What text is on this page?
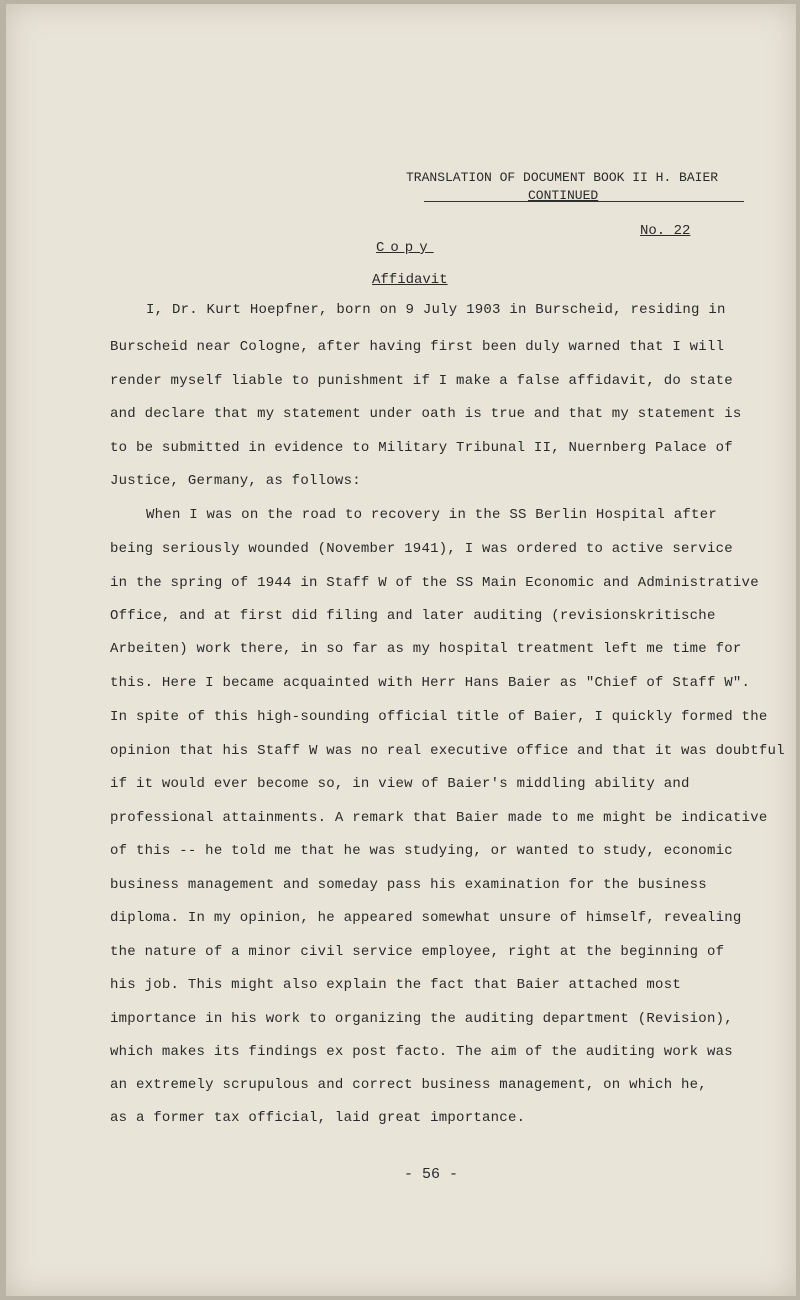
TRANSLATION OF DOCUMENT BOOK II H. BAIER
CONTINUED
No. 22
Copy
Affidavit
I, Dr. Kurt Hoepfner, born on 9 July 1903 in Burscheid, residing in
Burscheid near Cologne, after having first been duly warned that I will
render myself liable to punishment if I make a false affidavit, do state
and declare that my statement under oath is true and that my statement is
to be submitted in evidence to Military Tribunal II, Nuernberg Palace of
Justice, Germany, as follows:
When I was on the road to recovery in the SS Berlin Hospital after
being seriously wounded (November 1941), I was ordered to active service
in the spring of 1944 in Staff W of the SS Main Economic and Administrative
Office, and at first did filing and later auditing (revisionskritische
Arbeiten) work there, in so far as my hospital treatment left me time for
this. Here I became acquainted with Herr Hans Baier as "Chief of Staff W".
In spite of this high-sounding official title of Baier, I quickly formed the
opinion that his Staff W was no real executive office and that it was doubtful
if it would ever become so, in view of Baier's middling ability and
professional attainments. A remark that Baier made to me might be indicative
of this -- he told me that he was studying, or wanted to study, economic
business management and someday pass his examination for the business
diploma. In my opinion, he appeared somewhat unsure of himself, revealing
the nature of a minor civil service employee, right at the beginning of
his job. This might also explain the fact that Baier attached most
importance in his work to organizing the auditing department (Revision),
which makes its findings ex post facto. The aim of the auditing work was
an extremely scrupulous and correct business management, on which he,
as a former tax official, laid great importance.
- 56 -
